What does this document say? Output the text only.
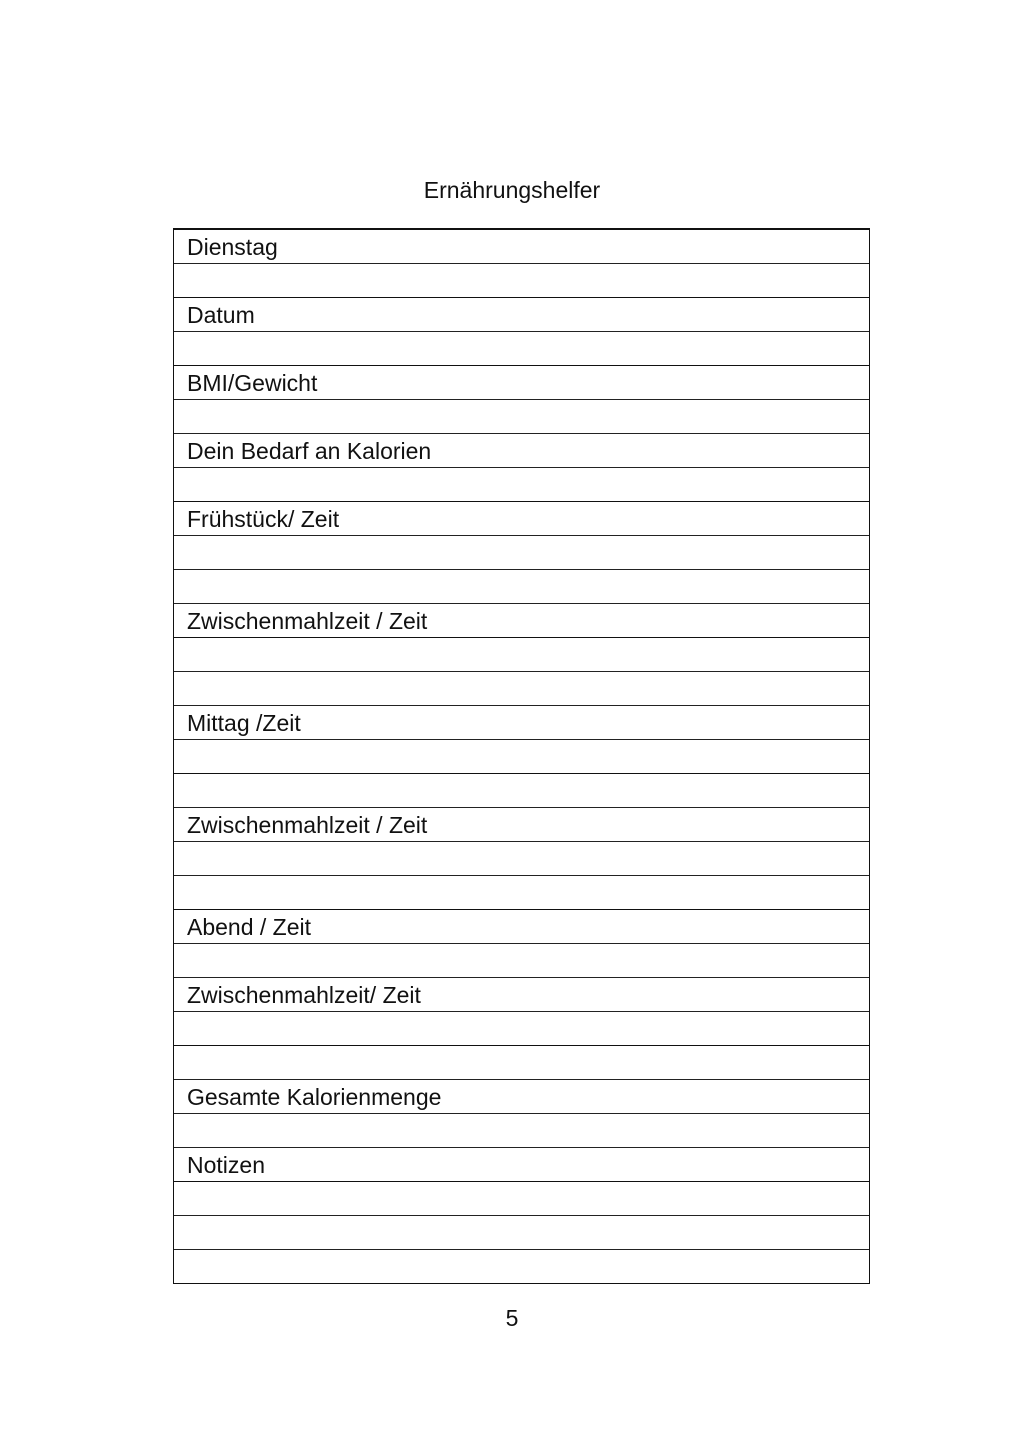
Ernährungshelfer
Dienstag
Datum
BMI/Gewicht
Dein Bedarf an Kalorien
Frühstück/ Zeit
Zwischenmahlzeit / Zeit
Mittag /Zeit
Zwischenmahlzeit / Zeit
Abend / Zeit
Zwischenmahlzeit/ Zeit
Gesamte Kalorienmenge
Notizen
5
